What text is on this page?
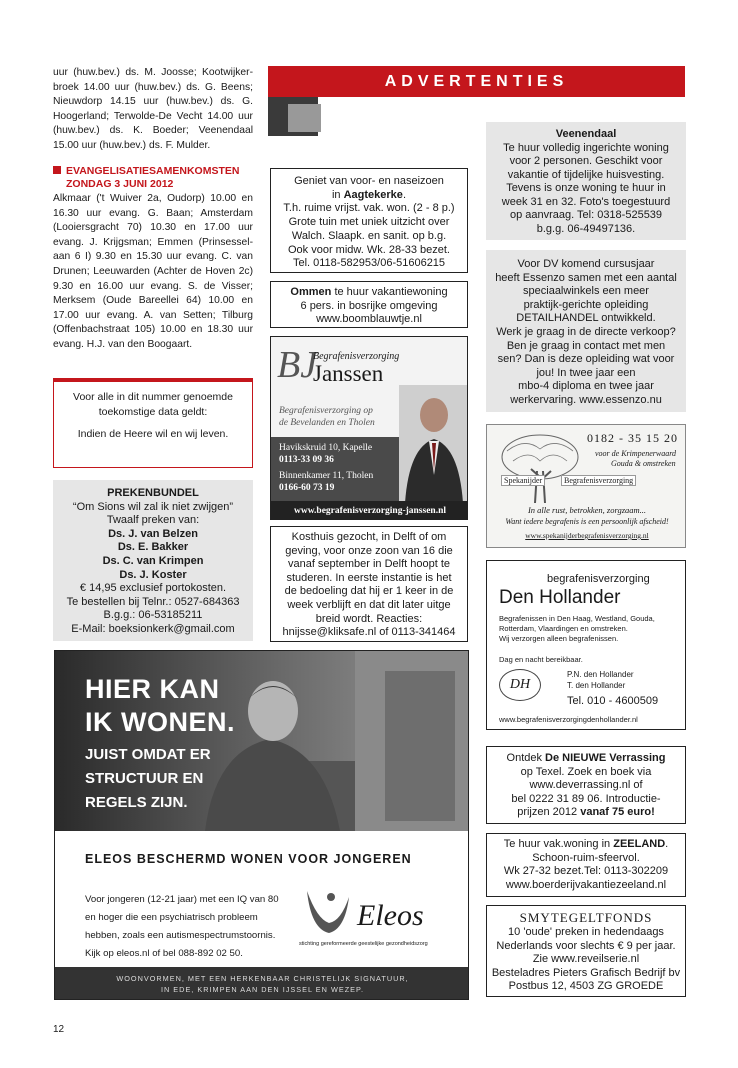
uur (huw.bev.) ds. M. Joosse; Kootwijkerbroek 14.00 uur (huw.bev.) ds. G. Beens; Nieuwdorp 14.15 uur (huw.bev.) ds. G. Hoogerland; Terwolde-De Vecht 14.00 uur (huw.bev.) ds. K. Boeder; Veenendaal 15.00 uur (huw.bev.) ds. F. Mulder.
EVANGELISATIESAMENKOMSTEN
ZONDAG 3 JUNI 2012
Alkmaar ('t Wuiver 2a, Oudorp) 10.00 en 16.30 uur evang. G. Baan; Amsterdam (Looiersgracht 70) 10.30 en 17.00 uur evang. J. Krijgsman; Emmen (Prinsesselaan 6 I) 9.30 en 15.30 uur evang. C. van Drunen; Leeuwarden (Achter de Hoven 2c) 9.30 en 16.00 uur evang. S. de Visser; Merksem (Oude Bareellei 64) 10.00 en 17.00 uur evang. A. van Setten; Tilburg (Offenbachstraat 105) 10.00 en 18.30 uur evang. H.J. van den Boogaart.
Voor alle in dit nummer genoemde
toekomstige data geldt:
Indien de Heere wil en wij leven.
PREKENBUNDEL
“Om Sions wil zal ik niet zwijgen”
Twaalf preken van:
Ds. J. van Belzen
Ds. E. Bakker
Ds. C. van Krimpen
Ds. J. Koster
€ 14,95 exclusief portokosten.
Te bestellen bij Telnr.: 0527-684363
B.g.g.: 06-53185211
E-Mail: boeksionkerk@gmail.com
ADVERTENTIES
Geniet van voor- en naseizoen
in Aagtekerke.
T.h. ruime vrijst. vak. won. (2 - 8 p.)
Grote tuin met uniek uitzicht over
Walch. Slaapk. en sanit. op b.g.
Ook voor midw. Wk. 28-33 bezet.
Tel. 0118-582953/06-51606215
Ommen te huur vakantiewoning
6 pers. in bosrijke omgeving
www.boomblauwtje.nl
BJ
Begrafenisverzorging
Janssen
Begrafenisverzorging op
de Bevelanden en Tholen
Havikskruid 10, Kapelle
0113-33 09 36
Binnenkamer 11, Tholen
0166-60 73 19
www.begrafenisverzorging-janssen.nl
Kosthuis gezocht, in Delft of om
geving, voor onze zoon van 16 die
vanaf september in Delft hoopt te
studeren. In eerste instantie is het
de bedoeling dat hij er 1 keer in de
week verblijft en dat dit later uitge
breid wordt. Reacties:
hnijsse@kliksafe.nl of 0113-341464
Veenendaal
Te huur volledig ingerichte woning
voor 2 personen. Geschikt voor
vakantie of tijdelijke huisvesting.
Tevens is onze woning te huur in
week 31 en 32. Foto's toegestuurd
op aanvraag. Tel: 0318-525539
b.g.g. 06-49497136.
Voor DV komend cursusjaar
heeft Essenzo samen met een aantal
speciaalwinkels een meer
praktijk-gerichte opleiding
DETAILHANDEL ontwikkeld.
Werk je graag in de directe verkoop?
Ben je graag in contact met men
sen? Dan is deze opleiding wat voor
jou! In twee jaar een
mbo-4 diploma en twee jaar
werkervaring. www.essenzo.nu
0182 - 35 15 20
voor de Krimpenerwaard
Gouda & omstreken
Spekanijder	Begrafenisverzorging
In alle rust, betrokken, zorgzaam...
Want iedere begrafenis is een persoonlijk afscheid!
www.spekanijderbegrafenisverzorging.nl
begrafenisverzorging
Den Hollander
Begrafenissen in Den Haag, Westland, Gouda,
Rotterdam, Vlaardingen en omstreken.
Wij verzorgen alleen begrafenissen.
Dag en nacht bereikbaar.
DH
P.N. den Hollander
T. den Hollander
Tel. 010 - 4600509
www.begrafenisverzorgingdenhollander.nl
Ontdek De NIEUWE Verrassing
op Texel. Zoek en boek via
www.deverrassing.nl of
bel 0222 31 89 06. Introductie-
prijzen 2012 vanaf 75 euro!
Te huur vak.woning in ZEELAND.
Schoon-ruim-sfeervol.
Wk 27-32 bezet.Tel: 0113-302209
www.boerderijvakantiezeeland.nl
SMYTEGELTFONDS
10 'oude' preken in hedendaags
Nederlands voor slechts € 9 per jaar.
Zie www.reveilserie.nl
Besteladres Pieters Grafisch Bedrijf bv
Postbus 12, 4503 ZG GROEDE
HIER KAN
IK WONEN.
JUIST OMDAT ER
STRUCTUUR EN
REGELS ZIJN.
ELEOS BESCHERMD WONEN VOOR JONGEREN
Voor jongeren (12-21 jaar) met een IQ van 80
en hoger die een psychiatrisch probleem
hebben, zoals een autismespectrumstoornis.
Kijk op eleos.nl of bel 088-892 02 50.
Eleos
stichting gereformeerde geestelijke gezondheidszorg
WOONVORMEN, MET EEN HERKENBAAR CHRISTELIJK SIGNATUUR,
IN EDE, KRIMPEN AAN DEN IJSSEL EN WEZEP.
12
